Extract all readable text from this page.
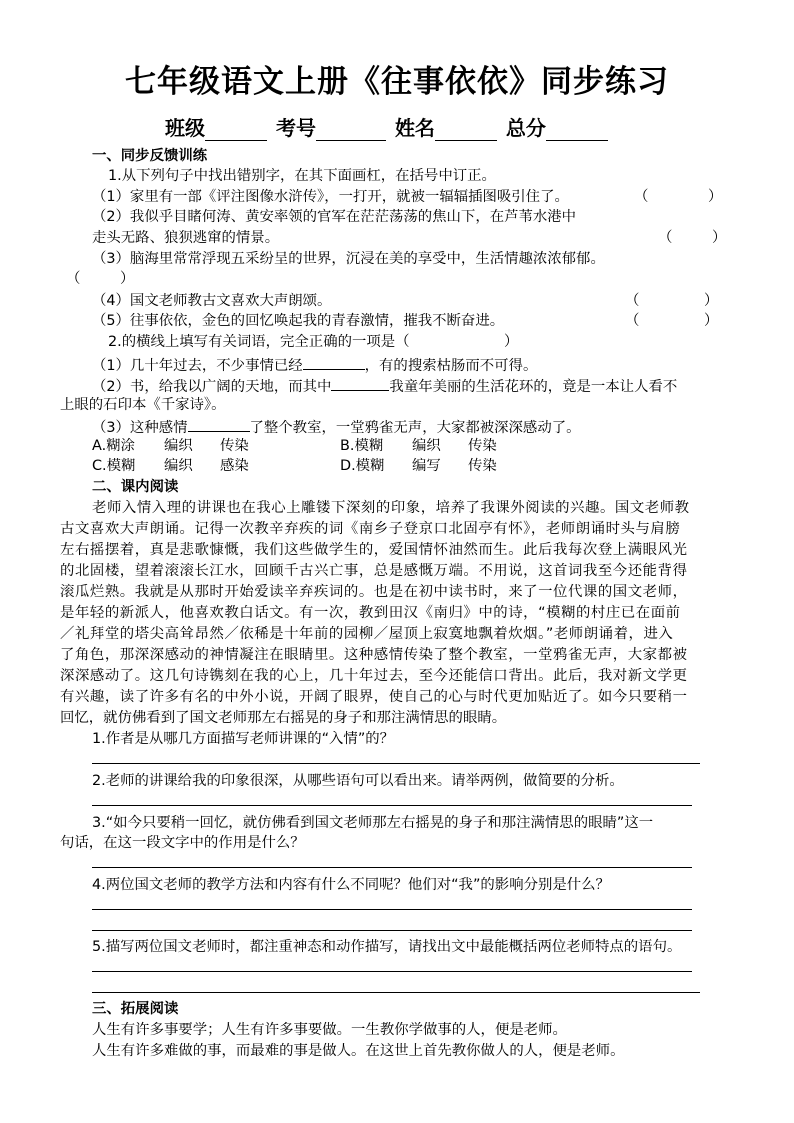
七年级语文上册《往事依依》同步练习
班级	考号	姓名	总分
一、同步反馈训练
1.从下列句子中找出错别字，在其下面画杠，在括号中订正。
（1）家里有一部《评注图像水浒传》，一打开，就被一辐辐插图吸引住了。	（	）
（2）我似乎目睹何涛、黄安率领的官军在茫茫荡荡的焦山下，在芦苇水港中
走头无路、狼狈逃窜的情景。	（	）
（3）脑海里常常浮现五采纷呈的世界，沉浸在美的享受中，生活情趣浓浓郁郁。
（	）
（4）国文老师教古文喜欢大声朗颂。	（	）
（5）往事依依，金色的回忆唤起我的青春激情，摧我不断奋进。	（	）
2.的横线上填写有关词语，完全正确的一项是（	）
（1）几十年过去，不少事情已经	，有的搜索枯肠而不可得。
（2）书，给我以广阔的天地，而其中	我童年美丽的生活花环的，竟是一本让人看不
上眼的石印本《千家诗》。
（3）这种感情	了整个教室，一堂鸦雀无声，大家都被深深感动了。
A.糊涂 编织 传染	B.模糊 编织 传染
C.模糊 编织 感染	D.模糊 编写 传染
二、课内阅读
老师入情入理的讲课也在我心上雕镂下深刻的印象，培养了我课外阅读的兴趣。国文老师教
古文喜欢大声朗诵。记得一次教辛弃疾的词《南乡子登京口北固亭有怀》，老师朗诵时头与肩膀
左右摇摆着，真是悲歌慷慨，我们这些做学生的，爱国情怀油然而生。此后我每次登上满眼风光
的北固楼，望着滚滚长江水，回顾千古兴亡事，总是感慨万端。不用说，这首词我至今还能背得
滚瓜烂熟。我就是从那时开始爱读辛弃疾词的。也是在初中读书时，来了一位代课的国文老师，
是年轻的新派人，他喜欢教白话文。有一次，教到田汉《南归》中的诗，“模糊的村庄已在面前
／礼拜堂的塔尖高耸昂然／依稀是十年前的园柳／屋顶上寂寞地飘着炊烟。”老师朗诵着，进入
了角色，那深深感动的神情凝注在眼睛里。这种感情传染了整个教室，一堂鸦雀无声，大家都被
深深感动了。这几句诗镌刻在我的心上，几十年过去，至今还能信口背出。此后，我对新文学更
有兴趣，读了许多有名的中外小说，开阔了眼界，使自己的心与时代更加贴近了。如今只要稍一
回忆，就仿佛看到了国文老师那左右摇晃的身子和那注满情思的眼睛。
1.作者是从哪几方面描写老师讲课的“入情”的？
2.老师的讲课给我的印象很深，从哪些语句可以看出来。请举两例，做简要的分析。
3.“如今只要稍一回忆，就仿佛看到国文老师那左右摇晃的身子和那注满情思的眼睛”这一
句话，在这一段文字中的作用是什么？
4.两位国文老师的教学方法和内容有什么不同呢？他们对“我”的影响分别是什么？
5.描写两位国文老师时，都注重神态和动作描写，请找出文中最能概括两位老师特点的语句。
三、拓展阅读
人生有许多事要学；人生有许多事要做。一生教你学做事的人，便是老师。
人生有许多难做的事，而最难的事是做人。在这世上首先教你做人的人，便是老师。
